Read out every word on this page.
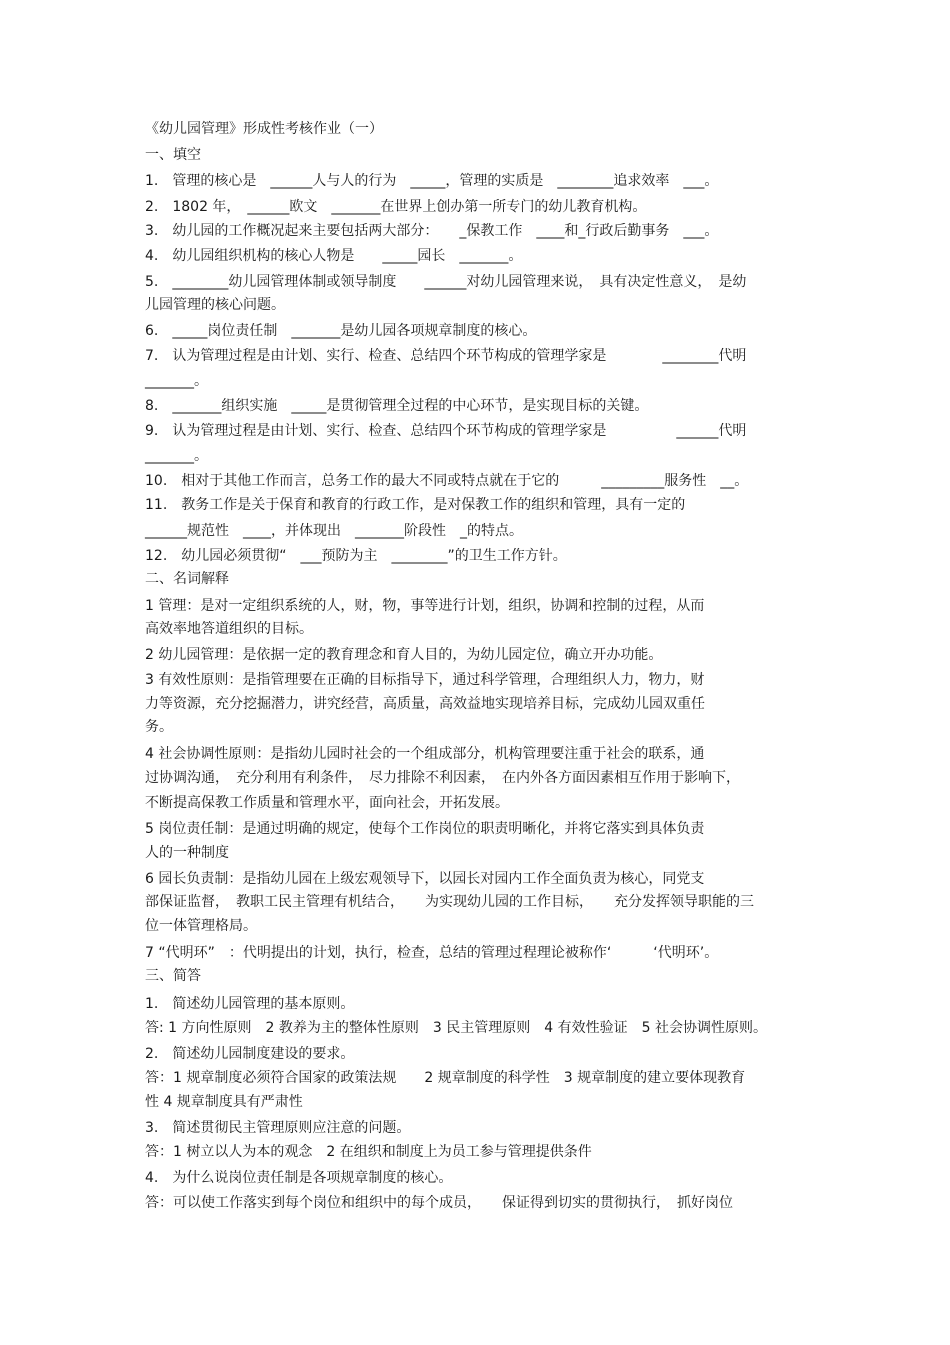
《幼儿园管理》形成性考核作业（一）
一、填空
1.　管理的核心是　______人与人的行为　_____，管理的实质是　________追求效率　___。
2.　1802 年，　______欧文　_______在世界上创办第一所专门的幼儿教育机构。
3.　幼儿园的工作概况起来主要包括两大部分：　　_保教工作　____和_行政后勤事务　___。
4.　幼儿园组织机构的核心人物是　　_____园长　_______。
5.　________幼儿园管理体制或领导制度　　______对幼儿园管理来说，　具有决定性意义，　是幼
儿园管理的核心问题。
6.　_____岗位责任制　_______是幼儿园各项规章制度的核心。
7.　认为管理过程是由计划、实行、检查、总结四个环节构成的管理学家是　　　　________代明
_______。
8.　_______组织实施　_____是贯彻管理全过程的中心环节，是实现目标的关键。
9.　认为管理过程是由计划、实行、检查、总结四个环节构成的管理学家是　　　　　______代明
_______。
10.　相对于其他工作而言，总务工作的最大不同或特点就在于它的　　　_________服务性　__。
11.　教务工作是关于保育和教育的行政工作，是对保教工作的组织和管理，具有一定的
______规范性　____，并体现出　_______阶段性　_的特点。
12.　幼儿园必须贯彻“　___预防为主　________”的卫生工作方针。
二、名词解释
1 管理：是对一定组织系统的人，财，物，事等进行计划，组织，协调和控制的过程，从而
高效率地答道组织的目标。
2 幼儿园管理：是依据一定的教育理念和育人目的，为幼儿园定位，确立开办功能。
3 有效性原则：是指管理要在正确的目标指导下，通过科学管理，合理组织人力，物力，财
力等资源，充分挖掘潜力，讲究经营，高质量，高效益地实现培养目标，完成幼儿园双重任
务。
4 社会协调性原则：是指幼儿园时社会的一个组成部分，机构管理要注重于社会的联系，通
过协调沟通，　充分利用有利条件，　尽力排除不利因素，　在内外各方面因素相互作用于影响下，
不断提高保教工作质量和管理水平，面向社会，开拓发展。
5 岗位责任制：是通过明确的规定，使每个工作岗位的职责明晰化，并将它落实到具体负责
人的一种制度
6 园长负责制：是指幼儿园在上级宏观领导下，以园长对园内工作全面负责为核心，同党支
部保证监督，　教职工民主管理有机结合，　　为实现幼儿园的工作目标，　　充分发挥领导职能的三
位一体管理格局。
7 “代明环”　：代明提出的计划，执行，检查，总结的管理过程理论被称作‘　　　‘代明环’。
三、简答
1.　简述幼儿园管理的基本原则。
答: 1 方向性原则　2 教养为主的整体性原则　3 民主管理原则　4 有效性验证　5 社会协调性原则。
2.　简述幼儿园制度建设的要求。
答：1 规章制度必须符合国家的政策法规　　2 规章制度的科学性　3 规章制度的建立要体现教育
性 4 规章制度具有严肃性
3.　简述贯彻民主管理原则应注意的问题。
答：1 树立以人为本的观念　2 在组织和制度上为员工参与管理提供条件
4.　为什么说岗位责任制是各项规章制度的核心。
答：可以使工作落实到每个岗位和组织中的每个成员，　　保证得到切实的贯彻执行，　抓好岗位
